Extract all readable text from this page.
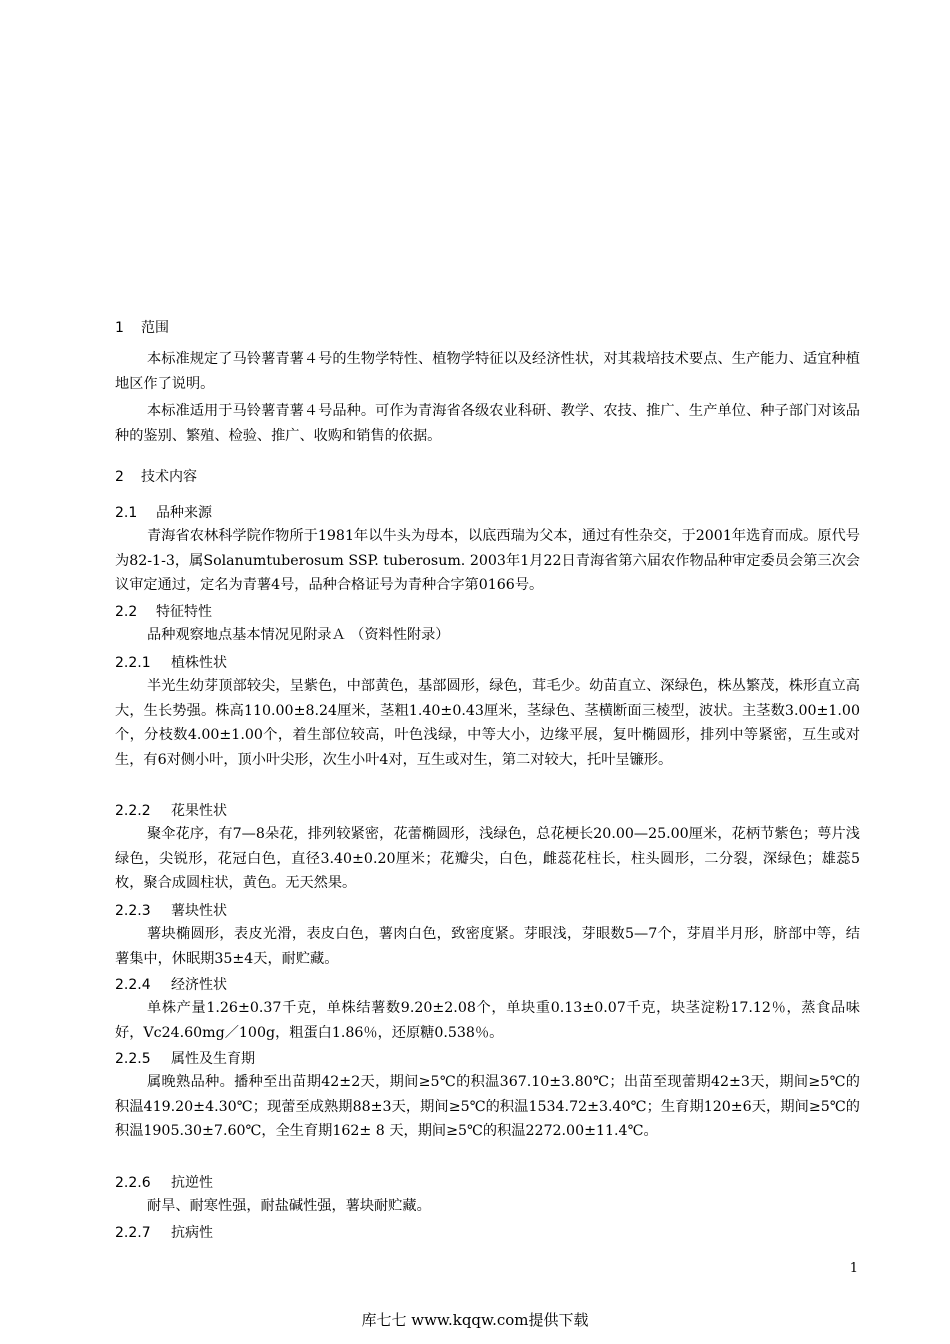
1 范围
本标准规定了马铃薯青薯４号的生物学特性、植物学特征以及经济性状，对其栽培技术要点、生产能力、适宜种植地区作了说明。
本标准适用于马铃薯青薯４号品种。可作为青海省各级农业科研、教学、农技、推广、生产单位、种子部门对该品种的鉴别、繁殖、检验、推广、收购和销售的依据。
2 技术内容
2.1 品种来源
青海省农林科学院作物所于1981年以牛头为母本，以底西瑞为父本，通过有性杂交，于2001年选育而成。原代号为82-1-3，属Solanumtuberosum SSP. tuberosum. 2003年1月22日青海省第六届农作物品种审定委员会第三次会议审定通过，定名为青薯4号，品种合格证号为青种合字第0166号。
2.2 特征特性
品种观察地点基本情况见附录Ａ （资料性附录）
2.2.1 植株性状
半光生幼芽顶部较尖，呈紫色，中部黄色，基部圆形，绿色，茸毛少。幼苗直立、深绿色，株丛繁茂，株形直立高大，生长势强。株高110.00±8.24厘米，茎粗1.40±0.43厘米，茎绿色、茎横断面三棱型，波状。主茎数3.00±1.00个，分枝数4.00±1.00个，着生部位较高，叶色浅绿，中等大小，边缘平展，复叶椭圆形，排列中等紧密，互生或对生，有6对侧小叶，顶小叶尖形，次生小叶4对，互生或对生，第二对较大，托叶呈镰形。
2.2.2 花果性状
聚伞花序，有7—8朵花，排列较紧密，花蕾椭圆形，浅绿色，总花梗长20.00—25.00厘米，花柄节紫色；萼片浅绿色，尖锐形，花冠白色，直径3.40±0.20厘米；花瓣尖，白色，雌蕊花柱长，柱头圆形，二分裂，深绿色；雄蕊5枚，聚合成圆柱状，黄色。无天然果。
2.2.3 薯块性状
薯块椭圆形，表皮光滑，表皮白色，薯肉白色，致密度紧。芽眼浅，芽眼数5—7个，芽眉半月形，脐部中等，结薯集中，休眠期35±4天，耐贮藏。
2.2.4 经济性状
单株产量1.26±0.37千克，单株结薯数9.20±2.08个，单块重0.13±0.07千克，块茎淀粉17.12％，蒸食品味好，Vc24.60mg／100g，粗蛋白1.86％，还原糖0.538％。
2.2.5 属性及生育期
属晚熟品种。播种至出苗期42±2天，期间≥5℃的积温367.10±3.80℃；出苗至现蕾期42±3天，期间≥5℃的积温419.20±4.30℃；现蕾至成熟期88±3天，期间≥5℃的积温1534.72±3.40℃；生育期120±6天，期间≥5℃的积温1905.30±7.60℃，全生育期162± 8 天，期间≥5℃的积温2272.00±11.4℃。
2.2.6 抗逆性
耐旱、耐寒性强，耐盐碱性强，薯块耐贮藏。
2.2.7 抗病性
1
库七七 www.kqqw.com提供下载
